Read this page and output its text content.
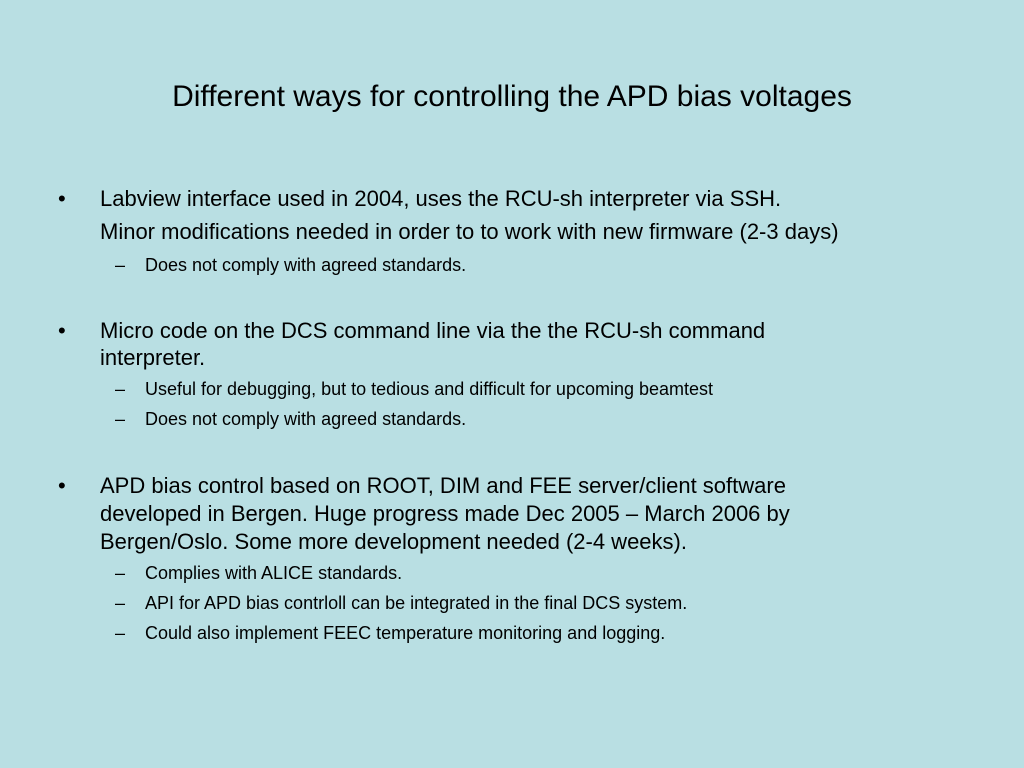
Different ways for controlling the APD bias voltages
• Labview interface used in 2004, uses the RCU-sh interpreter via SSH.
Minor modifications needed in order to to work with new firmware (2-3 days)
– Does not comply with agreed standards.
• Micro code on the DCS command line via the the RCU-sh command
interpreter.
– Useful for debugging, but to tedious and difficult for upcoming beamtest
– Does not comply with agreed standards.
• APD bias control based on ROOT, DIM and FEE server/client software
developed in Bergen. Huge progress made Dec 2005 – March 2006 by
Bergen/Oslo. Some more development needed (2-4 weeks).
– Complies with ALICE standards.
– API for APD bias contrloll can be integrated in the final DCS system.
– Could also implement FEEC temperature monitoring and logging.
